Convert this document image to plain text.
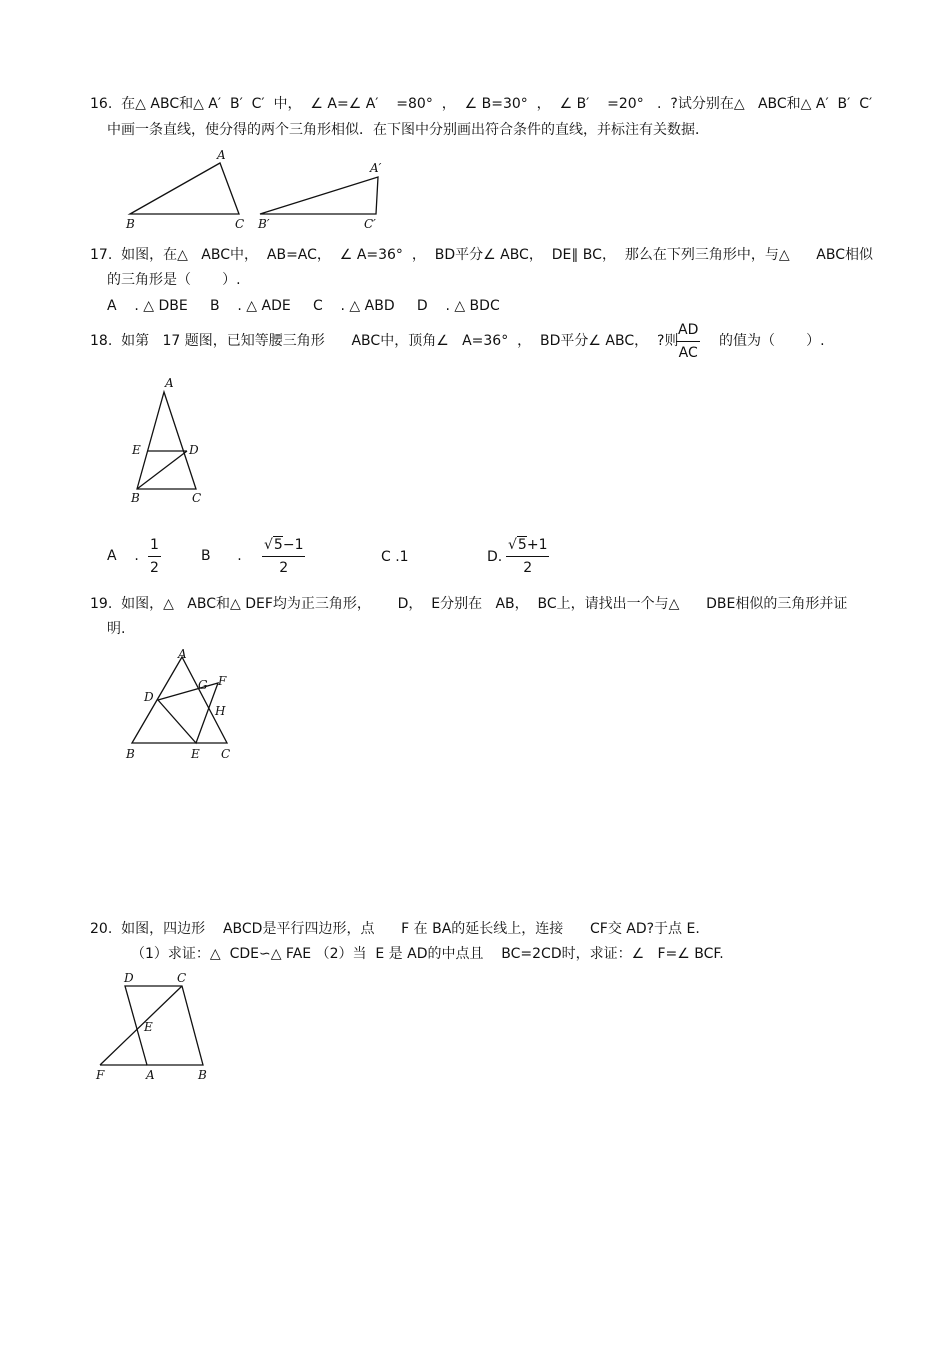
16.  在△ ABC和△ A′  B′  C′  中，  ∠ A=∠ A′    =80°  ，  ∠ B=30°  ，  ∠ B′    =20°   .  ?试分别在△   ABC和△ A′  B′  C′
中画一条直线，使分得的两个三角形相似．在下图中分别画出符合条件的直线，并标注有关数据．
A
B	C
A′
B′	C′
17.  如图，在△   ABC中，  AB=AC，  ∠ A=36°  ，  BD平分∠ ABC，  DE∥ BC，  那么在下列三角形中，与△      ABC相似
的三角形是（       ）.
A    . △ DBE     B    . △ ADE     C    . △ ABD     D    . △ BDC
18.  如第   17 题图，已知等腰三角形      ABC中，顶角∠   A=36°  ，  BD平分∠ ABC，  ?则
AD
AC
的值为（       ）.
A
E	D
B	C
A    .
1
2
B      .
√5−1
2
C .1	D.
√5+1
2
19.  如图，△   ABC和△ DEF均为正三角形，      D，  E分别在   AB，  BC上，请找出一个与△      DBE相似的三角形并证
明.
A
D
G F
H
B	E C
20.  如图，四边形    ABCD是平行四边形，点      F 在 BA的延长线上，连接      CF交 AD?于点 E.
（1）求证：△  CDE∽△ FAE （2）当  E 是 AD的中点且    BC=2CD时，求证：∠   F=∠ BCF.
D	C
E
F	A	B
